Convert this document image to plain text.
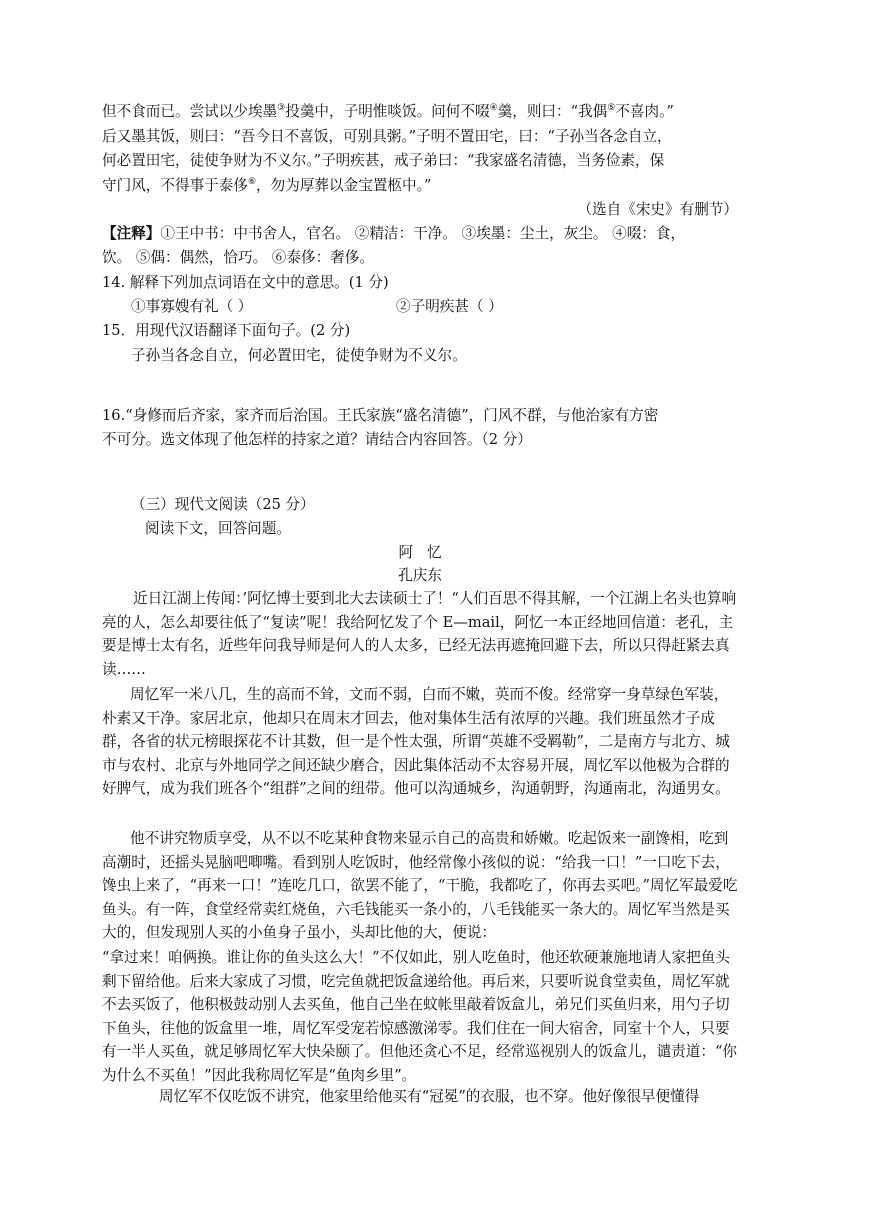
但不食而已。尝试以少埃墨③投羹中，子明惟啖饭。问何不啜④羹，则曰：“我偶⑤不喜肉。”
后又墨其饭，则曰：“吾今日不喜饭，可别具粥。”子明不置田宅，曰：“子孙当各念自立，
何必置田宅，徒使争财为不义尔。”子明疾甚，戒子弟曰：“我家盛名清德，当务俭素，保
守门风，不得事于泰侈⑥，勿为厚葬以金宝置柩中。”
（选自《宋史》有删节）
【注释】①王中书：中书舍人，官名。 ②精洁：干净。 ③埃墨：尘土，灰尘。 ④啜：食，
饮。 ⑤偶：偶然，恰巧。 ⑥泰侈：奢侈。
14. 解释下列加点词语在文中的意思。(1 分)
①事寡嫂有礼（ ）	②子明疾甚（ ）
15．用现代汉语翻译下面句子。(2 分)
子孙当各念自立，何必置田宅，徒使争财为不义尔。
16.“身修而后齐家，家齐而后治国。王氏家族“盛名清德”，门风不群，与他治家有方密
不可分。选文体现了他怎样的持家之道？请结合内容回答。（2 分）
（三）现代文阅读（25 分）
阅读下文，回答问题。
阿   忆
孔庆东
近日江湖上传闻：’阿忆博士要到北大去读硕士了！“人们百思不得其解，一个江湖上名头也算响亮的人，怎么却要往低了“复读”呢！我给阿忆发了个 E—mail，阿忆一本正经地回信道：老孔，主要是博士太有名，近些年问我导师是何人的人太多，已经无法再遮掩回避下去，所以只得赶紧去真读……
周忆军一米八几，生的高而不耸，文而不弱，白而不嫩，英而不俊。经常穿一身草绿色军装，朴素又干净。家居北京，他却只在周末才回去，他对集体生活有浓厚的兴趣。我们班虽然才子成群，各省的状元榜眼探花不计其数，但一是个性太强，所谓“英雄不受羁勒”，二是南方与北方、城市与农村、北京与外地同学之间还缺少磨合，因此集体活动不太容易开展，周忆军以他极为合群的好脾气，成为我们班各个“组群”之间的纽带。他可以沟通城乡，沟通朝野，沟通南北，沟通男女。
他不讲究物质享受，从不以不吃某种食物来显示自己的高贵和娇嫩。吃起饭来一副馋相，吃到高潮时，还摇头晃脑吧唧嘴。看到别人吃饭时，他经常像小孩似的说：“给我一口！”一口吃下去，馋虫上来了，“再来一口！”连吃几口，欲罢不能了，“干脆，我都吃了，你再去买吧。”周忆军最爱吃鱼头。有一阵，食堂经常卖红烧鱼，六毛钱能买一条小的，八毛钱能买一条大的。周忆军当然是买大的，但发现别人买的小鱼身子虽小，头却比他的大，便说：
“拿过来！咱俩换。谁让你的鱼头这么大！”不仅如此，别人吃鱼时，他还软硬兼施地请人家把鱼头剩下留给他。后来大家成了习惯，吃完鱼就把饭盒递给他。再后来，只要听说食堂卖鱼，周忆军就不去买饭了，他积极鼓动别人去买鱼，他自己坐在蚊帐里敲着饭盒儿，弟兄们买鱼归来，用勺子切下鱼头，往他的饭盒里一堆，周忆军受宠若惊感激涕零。我们住在一间大宿舍，同室十个人，只要有一半人买鱼，就足够周忆军大快朵颐了。但他还贪心不足，经常巡视别人的饭盒儿，谴责道：“你为什么不买鱼！”因此我称周忆军是“鱼肉乡里”。
周忆军不仅吃饭不讲究，他家里给他买有“冠冕”的衣服，也不穿。他好像很早便懂得
